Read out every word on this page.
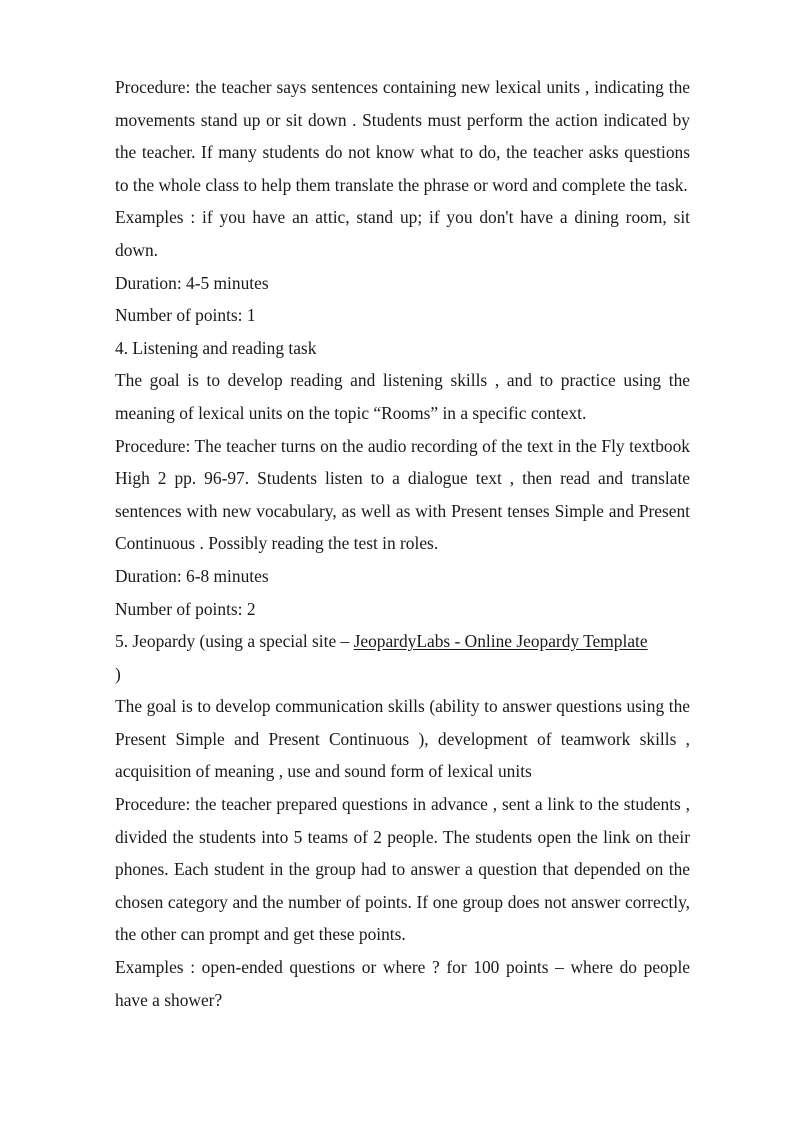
Procedure: the teacher says sentences containing new lexical units , indicating the movements stand up or sit down . Students must perform the action indicated by the teacher. If many students do not know what to do, the teacher asks questions to the whole class to help them translate the phrase or word and complete the task.

Examples : if you have an attic, stand up; if you don't have a dining room, sit down.

Duration: 4-5 minutes

Number of points: 1

4. Listening and reading task

The goal is to develop reading and listening skills , and to practice using the meaning of lexical units on the topic “Rooms” in a specific context.

Procedure: The teacher turns on the audio recording of the text in the Fly textbook High 2 pp. 96-97. Students listen to a dialogue text , then read and translate sentences with new vocabulary, as well as with Present tenses Simple and Present Continuous . Possibly reading the test in roles.

Duration: 6-8 minutes

Number of points: 2

5. Jeopardy (using a special site – JeopardyLabs - Online Jeopardy Template
)

The goal is to develop communication skills (ability to answer questions using the Present Simple and Present Continuous ), development of teamwork skills , acquisition of meaning , use and sound form of lexical units

Procedure: the teacher prepared questions in advance , sent a link to the students , divided the students into 5 teams of 2 people. The students open the link on their phones. Each student in the group had to answer a question that depended on the chosen category and the number of points. If one group does not answer correctly, the other can prompt and get these points.

Examples : open-ended questions or where ? for 100 points – where do people have a shower?
